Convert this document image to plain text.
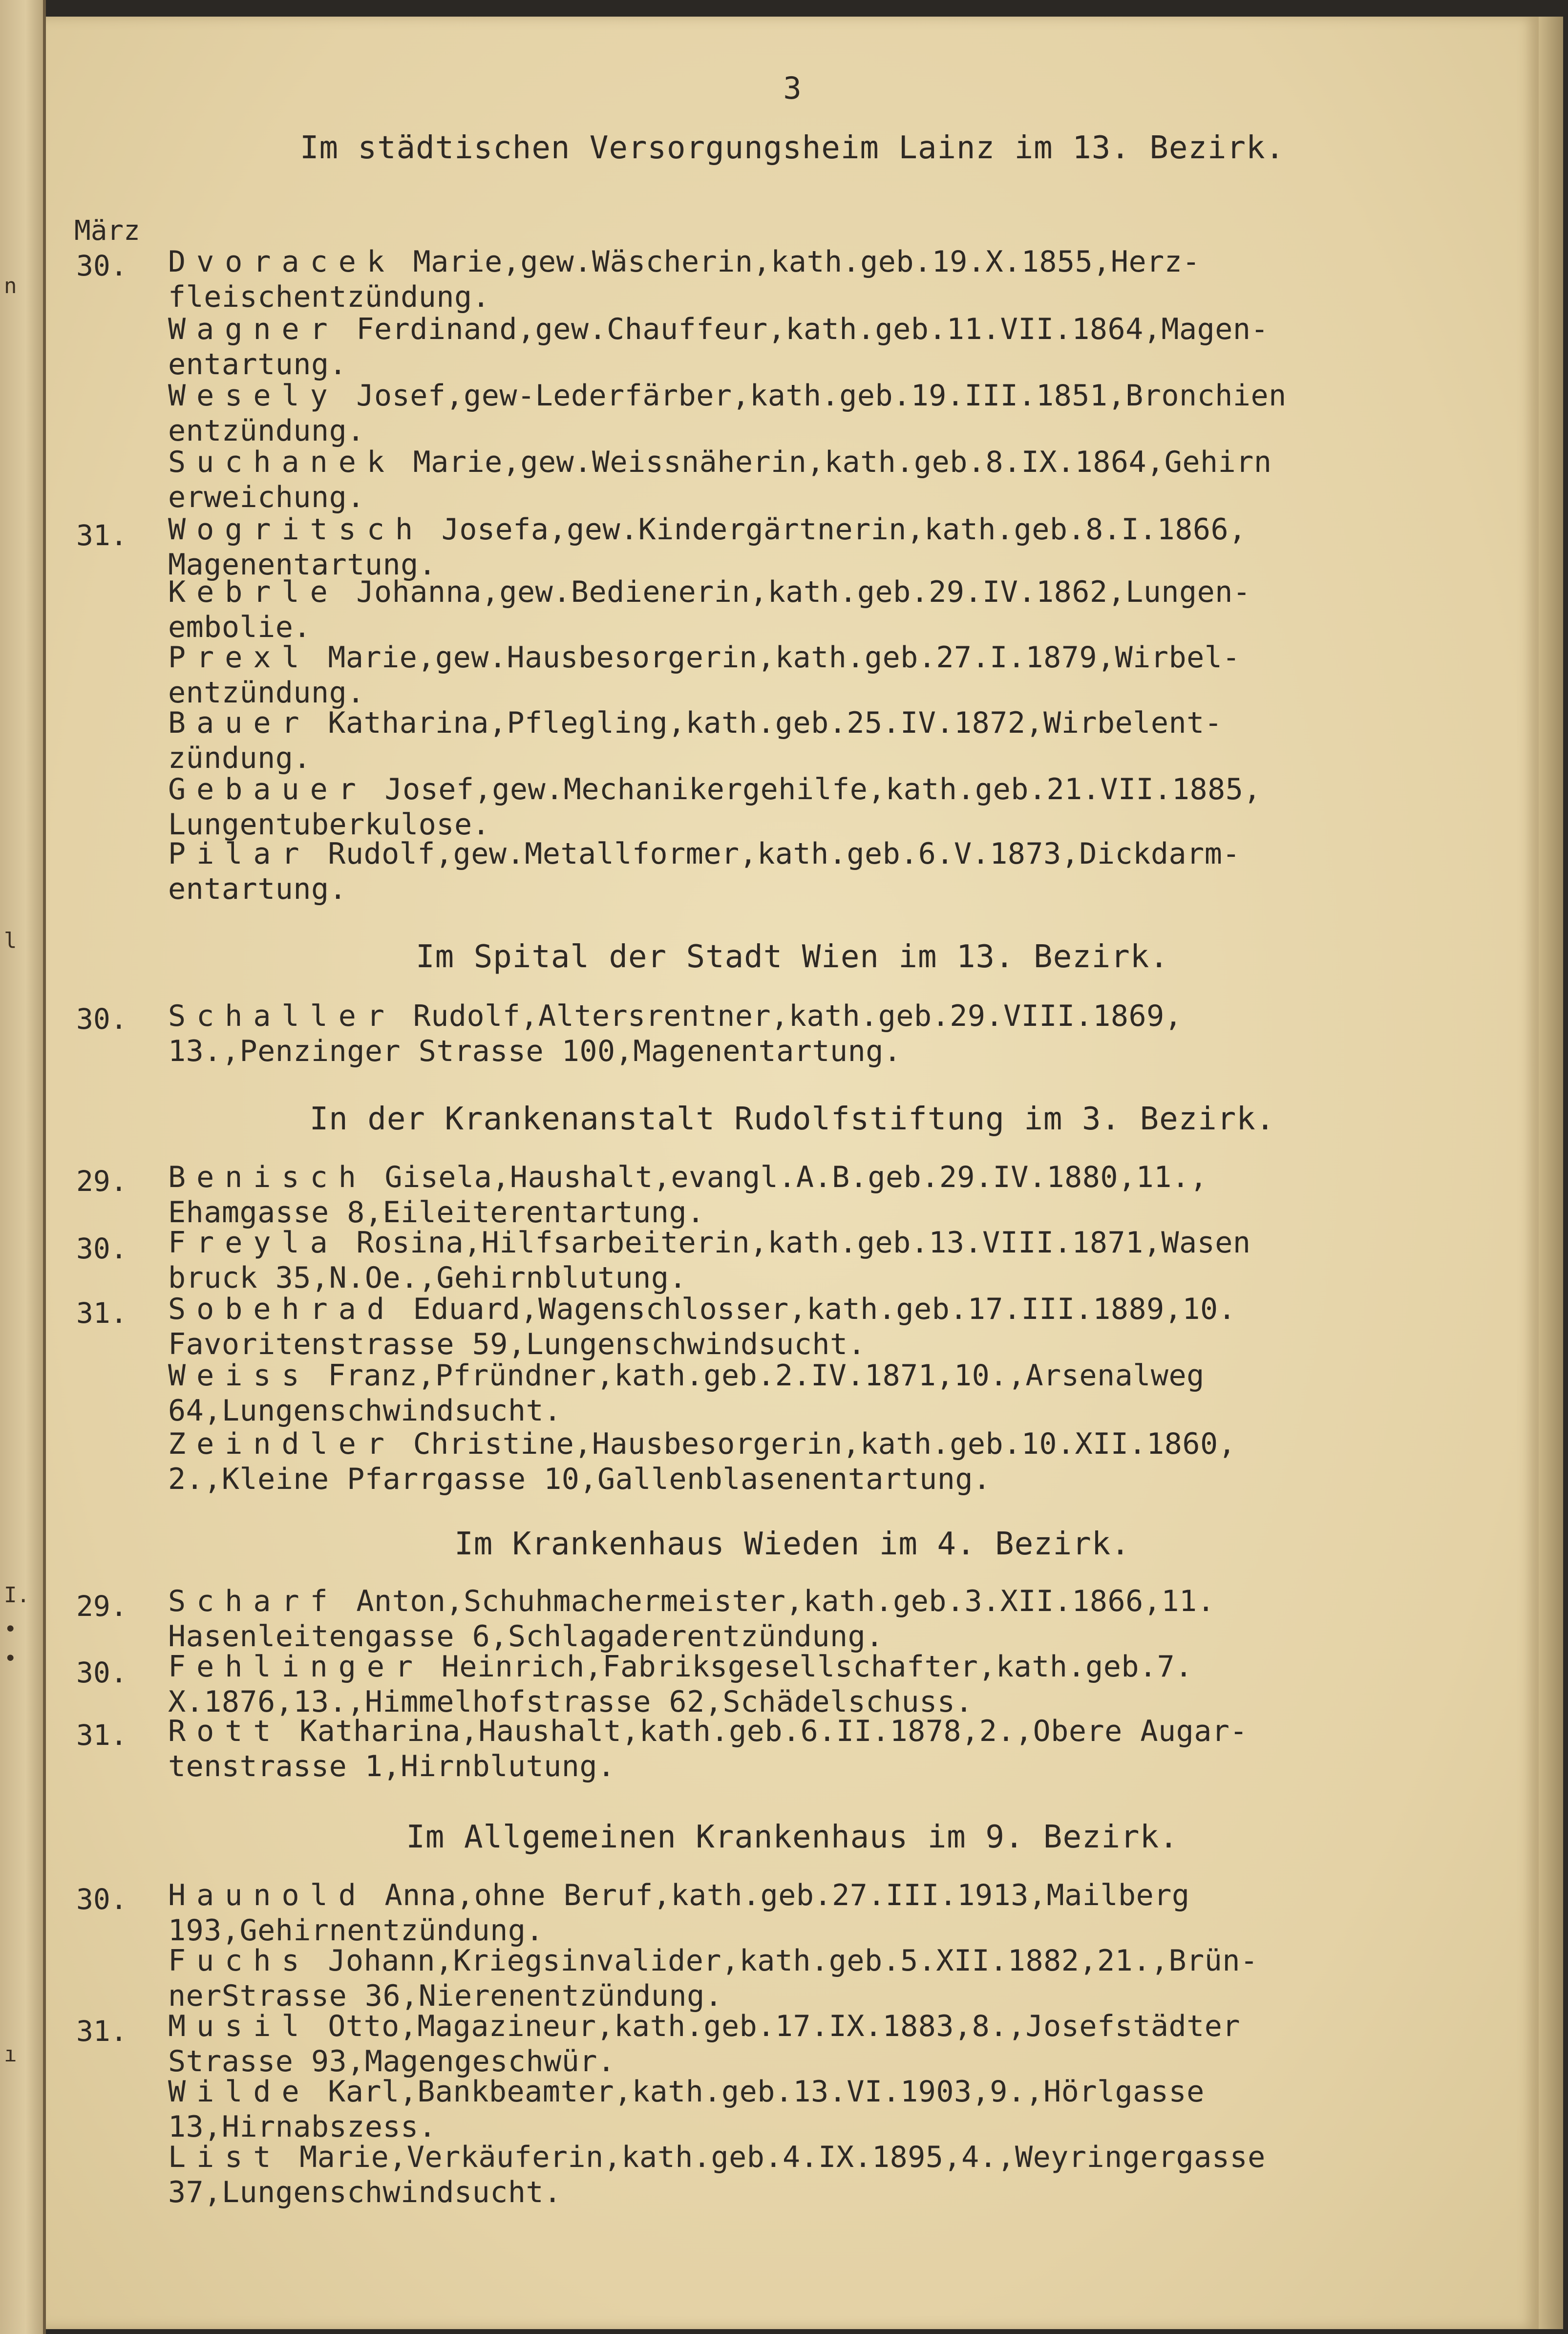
n
l
I.
•
•
ı
3
Im städtischen Versorgungsheim Lainz im 13. Bezirk.
März
30.
31.
Dvoracek Marie,gew.Wäscherin,kath.geb.19.X.1855,Herz-
fleischentzündung.
Wagner Ferdinand,gew.Chauffeur,kath.geb.11.VII.1864,Magen-
entartung.
Wesely Josef,gew-Lederfärber,kath.geb.19.III.1851,Bronchien
entzündung.
Suchanek Marie,gew.Weissnäherin,kath.geb.8.IX.1864,Gehirn
erweichung.
Wogritsch Josefa,gew.Kindergärtnerin,kath.geb.8.I.1866,
Magenentartung.
Kebrle Johanna,gew.Bedienerin,kath.geb.29.IV.1862,Lungen-
embolie.
Prexl Marie,gew.Hausbesorgerin,kath.geb.27.I.1879,Wirbel-
entzündung.
Bauer Katharina,Pflegling,kath.geb.25.IV.1872,Wirbelent-
zündung.
Gebauer Josef,gew.Mechanikergehilfe,kath.geb.21.VII.1885,
Lungentuberkulose.
Pilar Rudolf,gew.Metallformer,kath.geb.6.V.1873,Dickdarm-
entartung.
Im Spital der Stadt Wien im 13. Bezirk.
30. Schaller Rudolf,Altersrentner,kath.geb.29.VIII.1869,
13.,Penzinger Strasse 100,Magenentartung.
In der Krankenanstalt Rudolfstiftung im 3. Bezirk.
29.
30.
31.
Benisch Gisela,Haushalt,evangl.A.B.geb.29.IV.1880,11.,
Ehamgasse 8,Eileiterentartung.
Freyla Rosina,Hilfsarbeiterin,kath.geb.13.VIII.1871,Wasen
bruck 35,N.Oe.,Gehirnblutung.
Sobehrad Eduard,Wagenschlosser,kath.geb.17.III.1889,10.
Favoritenstrasse 59,Lungenschwindsucht.
Weiss Franz,Pfründner,kath.geb.2.IV.1871,10.,Arsenalweg
64,Lungenschwindsucht.
Zeindler Christine,Hausbesorgerin,kath.geb.10.XII.1860,
2.,Kleine Pfarrgasse 10,Gallenblasenentartung.
Im Krankenhaus Wieden im 4. Bezirk.
29.
30.
31.
Scharf Anton,Schuhmachermeister,kath.geb.3.XII.1866,11.
Hasenleitengasse 6,Schlagaderentzündung.
Fehlinger Heinrich,Fabriksgesellschafter,kath.geb.7.
X.1876,13.,Himmelhofstrasse 62,Schädelschuss.
Rott Katharina,Haushalt,kath.geb.6.II.1878,2.,Obere Augar-
tenstrasse 1,Hirnblutung.
Im Allgemeinen Krankenhaus im 9. Bezirk.
30.
31.
Haunold Anna,ohne Beruf,kath.geb.27.III.1913,Mailberg
193,Gehirnentzündung.
Fuchs Johann,Kriegsinvalider,kath.geb.5.XII.1882,21.,Brün-
nerStrasse 36,Nierenentzündung.
Musil Otto,Magazineur,kath.geb.17.IX.1883,8.,Josefstädter
Strasse 93,Magengeschwür.
Wilde Karl,Bankbeamter,kath.geb.13.VI.1903,9.,Hörlgasse
13,Hirnabszess.
List Marie,Verkäuferin,kath.geb.4.IX.1895,4.,Weyringergasse
37,Lungenschwindsucht.
